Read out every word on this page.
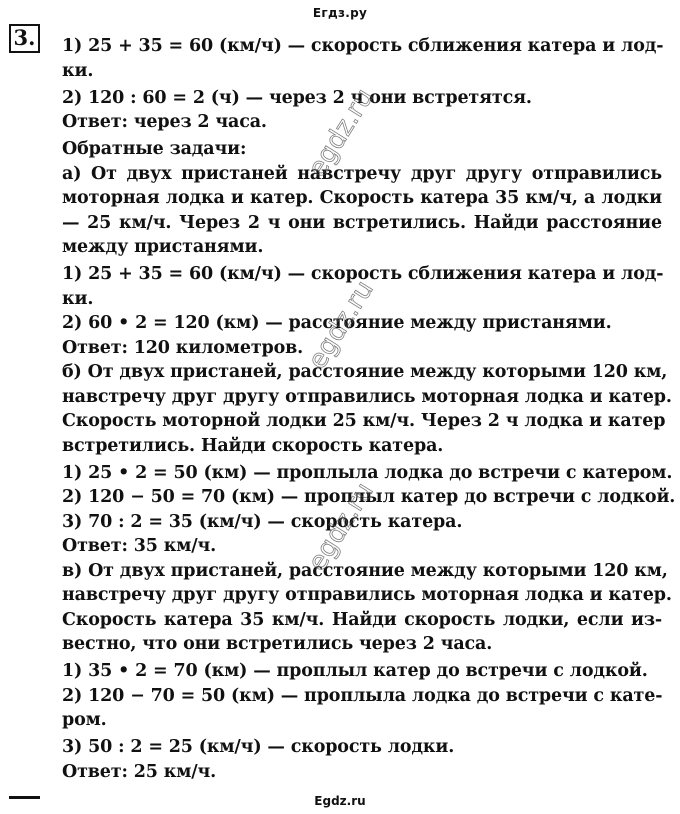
Егдз.ру
3. 1) 25 + 35 = 60 (км/ч) — скорость сближения катера и лод-
ки.
2) 120 : 60 = 2 (ч) — через 2 ч они встретятся.
Ответ: через 2 часа.
Обратные задачи:
а) От двух пристаней навстречу друг другу отправились
моторная лодка и катер. Скорость катера 35 км/ч, а лодки
— 25 км/ч. Через 2 ч они встретились. Найди расстояние
между пристанями.
1) 25 + 35 = 60 (км/ч) — скорость сближения катера и лод-
ки.
2) 60 • 2 = 120 (км) — расстояние между пристанями.
Ответ: 120 километров.
б) От двух пристаней, расстояние между которыми 120 км,
навстречу друг другу отправились моторная лодка и катер.
Скорость моторной лодки 25 км/ч. Через 2 ч лодка и катер
встретились. Найди скорость катера.
1) 25 • 2 = 50 (км) — проплыла лодка до встречи с катером.
2) 120 − 50 = 70 (км) — проплыл катер до встречи с лодкой.
3) 70 : 2 = 35 (км/ч) — скорость катера.
Ответ: 35 км/ч.
в) От двух пристаней, расстояние между которыми 120 км,
навстречу друг другу отправились моторная лодка и катер.
Скорость катера 35 км/ч. Найди скорость лодки, если из-
вестно, что они встретились через 2 часа.
1) 35 • 2 = 70 (км) — проплыл катер до встречи с лодкой.
2) 120 − 70 = 50 (км) — проплыла лодка до встречи с кате-
ром.
3) 50 : 2 = 25 (км/ч) — скорость лодки.
Ответ: 25 км/ч.
egdz.ru
egdz.ru
egdz.ru
Egdz.ru
